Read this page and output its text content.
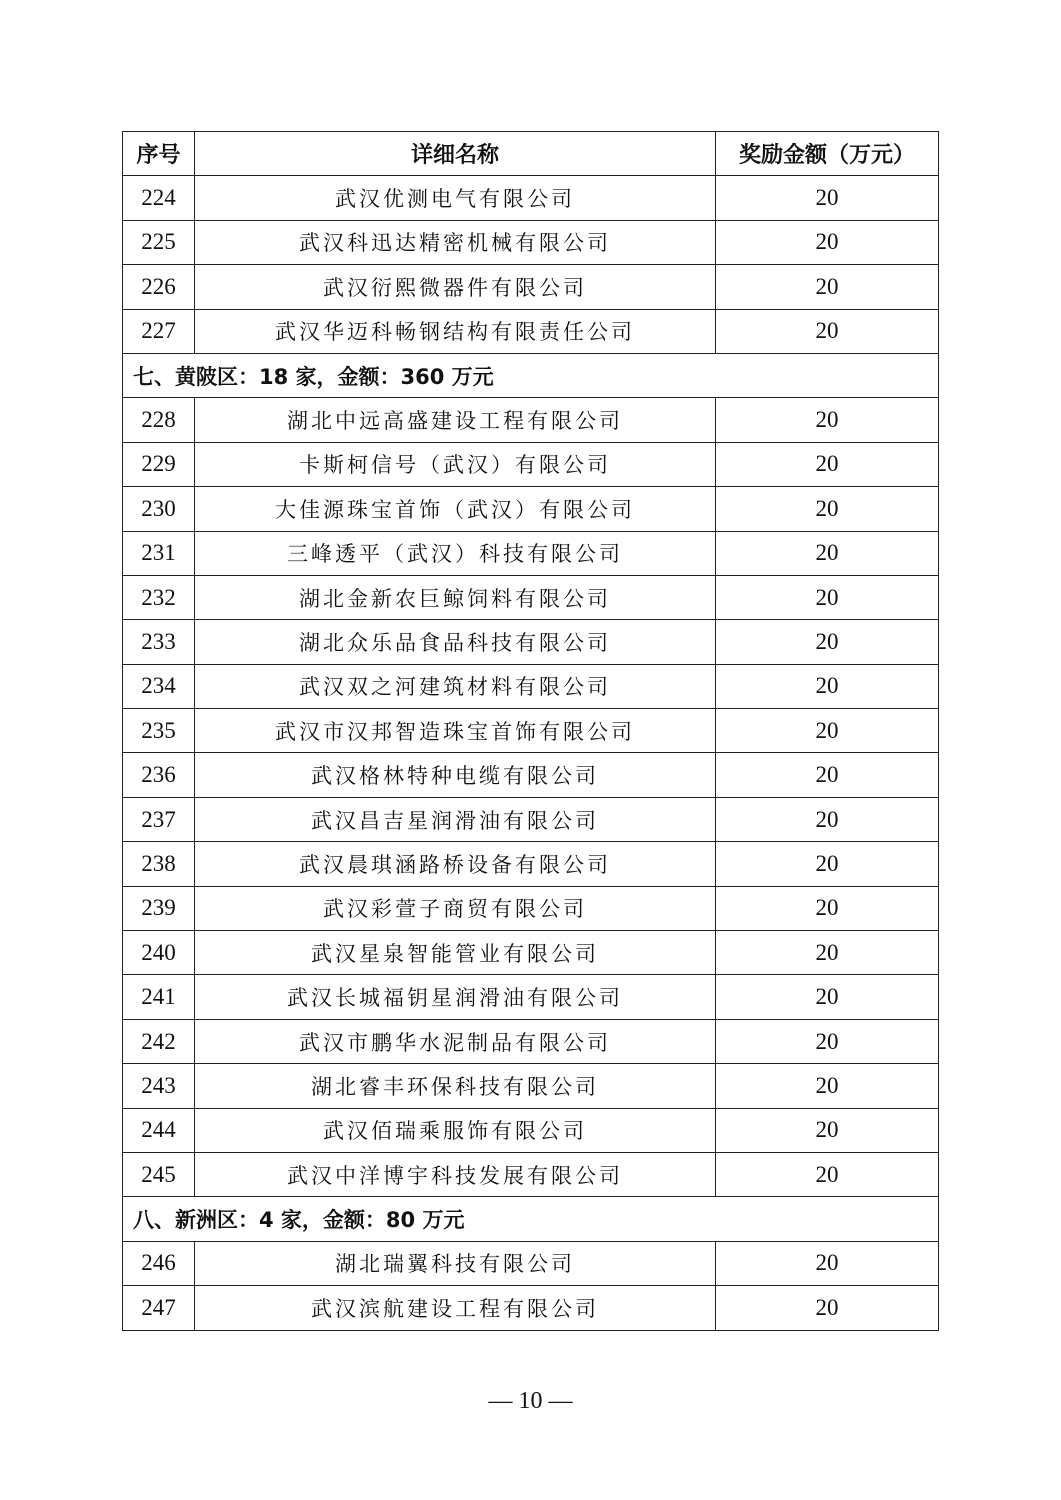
序号	详细名称	奖励金额（万元）
224	武汉优测电气有限公司	20
225	武汉科迅达精密机械有限公司	20
226	武汉衍熙微器件有限公司	20
227	武汉华迈科畅钢结构有限责任公司	20
七、黄陂区：18 家，金额：360 万元		
228	湖北中远高盛建设工程有限公司	20
229	卡斯柯信号（武汉）有限公司	20
230	大佳源珠宝首饰（武汉）有限公司	20
231	三峰透平（武汉）科技有限公司	20
232	湖北金新农巨鲸饲料有限公司	20
233	湖北众乐品食品科技有限公司	20
234	武汉双之河建筑材料有限公司	20
235	武汉市汉邦智造珠宝首饰有限公司	20
236	武汉格林特种电缆有限公司	20
237	武汉昌吉星润滑油有限公司	20
238	武汉晨琪涵路桥设备有限公司	20
239	武汉彩萱子商贸有限公司	20
240	武汉星泉智能管业有限公司	20
241	武汉长城福钥星润滑油有限公司	20
242	武汉市鹏华水泥制品有限公司	20
243	湖北睿丰环保科技有限公司	20
244	武汉佰瑞乘服饰有限公司	20
245	武汉中洋博宇科技发展有限公司	20
八、新洲区：4 家，金额：80 万元		
246	湖北瑞翼科技有限公司	20
247	武汉滨航建设工程有限公司	20
— 10 —
